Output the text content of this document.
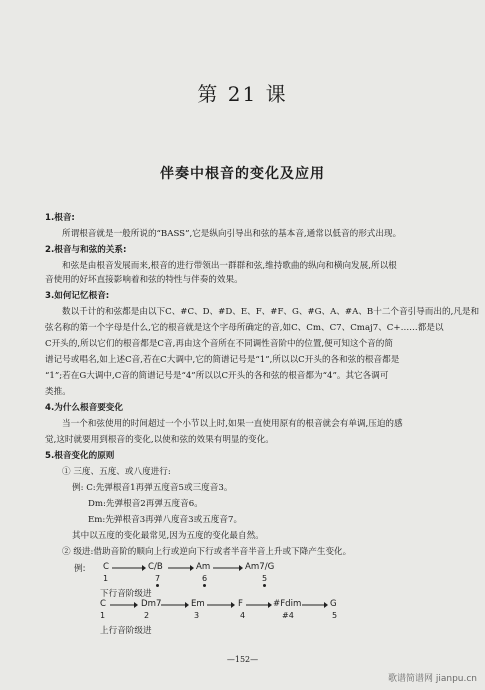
第 21 课
伴奏中根音的变化及应用
1.根音:
所谓根音就是一般所说的“BASS”,它是纵向引导出和弦的基本音,通常以低音的形式出现。
2.根音与和弦的关系:
和弦是由根音发展而来,根音的进行带领出一群群和弦,维持歌曲的纵向和横向发展,所以根
音使用的好坏直接影响着和弦的特性与伴奏的效果。
3.如何记忆根音:
数以千计的和弦都是由以下C、#C、D、#D、E、F、#F、G、#G、A、#A、B十二个音引导而出的,凡是和
弦名称的第一个字母是什么,它的根音就是这个字母所确定的音,如C、Cm、C7、Cmaj7、C+……都是以
C开头的,所以它们的根音都是C音,再由这个音所在不同调性音阶中的位置,便可知这个音的简
谱记号或唱名,如上述C音,若在C大调中,它的简谱记号是“1”,所以以C开头的各和弦的根音都是
“1”;若在G大调中,C音的简谱记号是“4”所以以C开头的各和弦的根音都为“4”。其它各调可
类推。
4.为什么根音要变化
当一个和弦使用的时间超过一个小节以上时,如果一直使用原有的根音就会有单调,压迫的感
觉,这时就要用到根音的变化,以使和弦的效果有明显的变化。
5.根音变化的原则
① 三度、五度、或八度进行:
例: C:先弹根音1再弹五度音5或三度音3。
Dm:先弹根音2再弹五度音6。
Em:先弹根音3再弹八度音3或五度音7。
其中以五度的变化最常见,因为五度的变化最自然。
② 级进:借助音阶的顺向上行或逆向下行或者半音半音上升或下降产生变化。
例: C	C/B	Am	Am7/G
1	7	6	5
下行音阶级进
C	Dm7	Em	F	#Fdim	G
1	2	3	4	#4	5
上行音阶级进
—152—
歌谱简谱网 jianpu.cn
